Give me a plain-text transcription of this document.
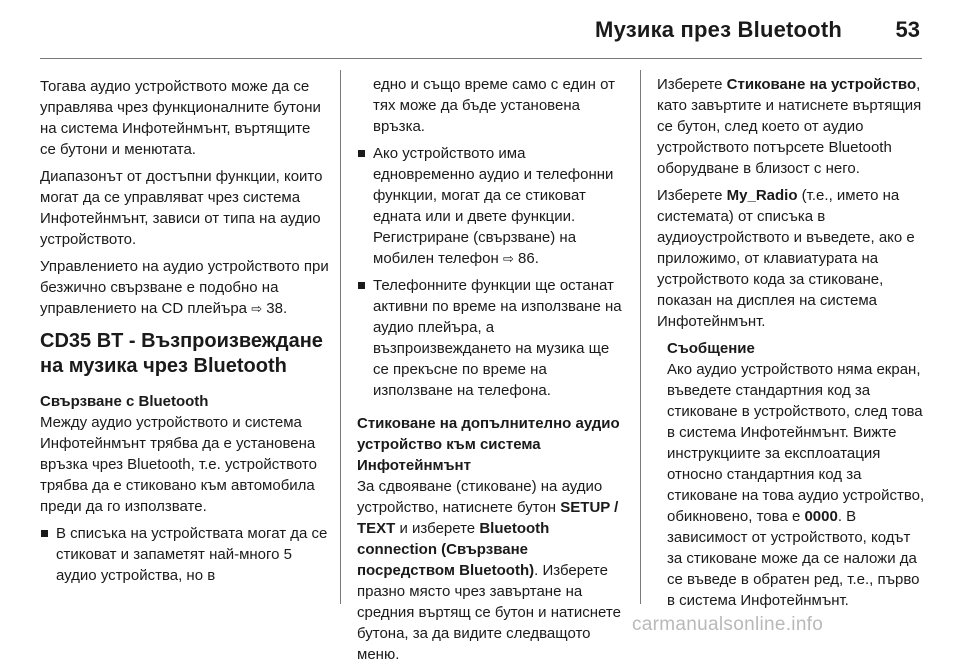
Музика през Bluetooth 53

Тогава аудио устройството може да се управлява чрез функционалните бутони на система Инфотейнмънт, въртящите се бутони и менютата.

Диапазонът от достъпни функции, които могат да се управляват чрез система Инфотейнмънт, зависи от типа на аудио устройството.

Управлението на аудио устройството при безжично свързване е подобно на управлението на CD плейъра ⇨ 38.

CD35 BT - Възпроизвеждане на музика чрез Bluetooth

Свързване с Bluetooth

Между аудио устройството и система Инфотейнмънт трябва да е установена връзка чрез Bluetooth, т.е. устройството трябва да е стиковано към автомобила преди да го използвате.

В списъка на устройствата могат да се стиковат и запаметят най-много 5 аудио устройства, но в

едно и също време само с един от тях може да бъде установена връзка.

Ако устройството има едновременно аудио и телефонни функции, могат да се стиковат едната или и двете функции. Регистриране (свързване) на мобилен телефон ⇨ 86.
Телефонните функции ще останат активни по време на използване на аудио плейъра, а възпроизвеждането на музика ще се прекъсне по време на използване на телефона.

Стиковане на допълнително аудио устройство към система Инфотейнмънт

За сдвояване (стиковане) на аудио устройство, натиснете бутон SETUP / TEXT и изберете Bluetooth connection (Свързване посредством Bluetooth). Изберете празно място чрез завъртане на средния въртящ се бутон и натиснете бутона, за да видите следващото меню.

Изберете Стиковане на устройство, като завъртите и натиснете въртящия се бутон, след което от аудио устройството потърсете Bluetooth оборудване в близост с него.

Изберете My_Radio (т.е., името на системата) от списъка в аудиоустройството и въведете, ако е приложимо, от клавиатурата на устройството кода за стиковане, показан на дисплея на система Инфотейнмънт.

Съобщение

Ако аудио устройството няма екран, въведете стандартния код за стиковане в устройството, след това в система Инфотейнмънт. Вижте инструкциите за експлоатация относно стандартния код за стиковане на това аудио устройство, обикновено, това е 0000. В зависимост от устройството, кодът за стиковане може да се наложи да се въведе в обратен ред, т.е., първо в система Инфотейнмънт.

carmanualsonline.info
